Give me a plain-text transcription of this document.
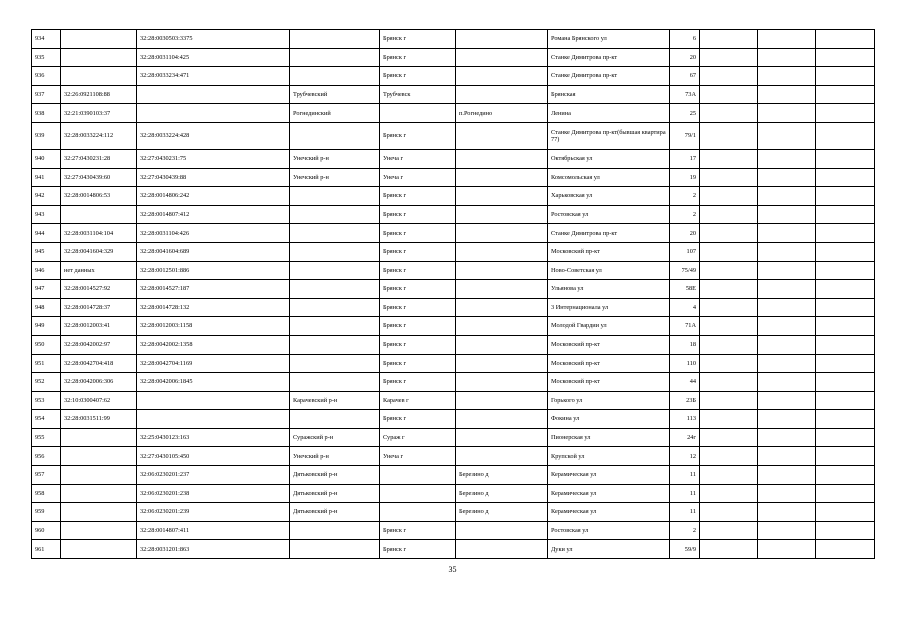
934		32:28:0030503:3375		Брянск г		Романа Брянского ул	6			
935		32:28:0031104:425		Брянск г		Станке Димитрова пр-кт	20			
936		32:28:0033234:471		Брянск г		Станке Димитрова пр-кт	67			
937	32:26:0921108:88		Трубчевский	Трубчевск		Брянская	73А			
938	32:21:0390103:37		Рогнединский		п.Рогнедино	Ленина	25			
939	32:28:0033224:112	32:28:0033224:428		Брянск г		Станке Димитрова пр-кт(бывшая квартира 77)	79/1			
940	32:27:0430231:28	32:27:0430231:75	Унечский р-н	Унеча г		Октябрьская ул	17			
941	32:27:0430439:60	32:27:0430439:88	Унечский р-н	Унеча г		Комсомольская ул	19			
942	32:28:0014806:53	32:28:0014806:242		Брянск г		Харьковская ул	2			
943		32:28:0014807:412		Брянск г		Ростовская ул	2			
944	32:28:0031104:104	32:28:0031104:426		Брянск г		Станке Димитрова пр-кт	20			
945	32:28:0041604:329	32:28:0041604:689		Брянск г		Московский пр-кт	107			
946	нет данных	32:28:0012501:886		Брянск г		Ново-Советская ул	75/49			
947	32:28:0014527:92	32:28:0014527:187		Брянск г		Ульянова ул	58Е			
948	32:28:0014728:37	32:28:0014728:132		Брянск г		3 Интернационала ул	4			
949	32:28:0012003:41	32:28:0012003:1158		Брянск г		Молодой Гвардии ул	71А			
950	32:28:0042002:97	32:28:0042002:1358		Брянск г		Московский пр-кт	18			
951	32:28:0042704:418	32:28:0042704:1169		Брянск г		Московский пр-кт	110			
952	32:28:0042006:306	32:28:0042006:1845		Брянск г		Московский пр-кт	44			
953	32:10:0300407:62		Карачевский р-н	Карачев г		Горького ул	23Б			
954	32:28:0031511:99			Брянск г		Фокина ул	113			
955		32:25:0430123:163	Суражский р-н	Сураж г		Пионерская ул	24г			
956		32:27:0430105:450	Унечский р-н	Унеча г		Крупской ул	12			
957		32:06:0230201:237	Дятьковский р-н		Березино д	Керамическая ул	11			
958		32:06:0230201:238	Дятьковский р-н		Березино д	Керамическая ул	11			
959		32:06:0230201:239	Дятьковский р-н		Березино д	Керамическая ул	11			
960		32:28:0014807:411		Брянск г		Ростовская ул	2			
961		32:28:0031201:863		Брянск г		Дуки ул	59/9			
35
